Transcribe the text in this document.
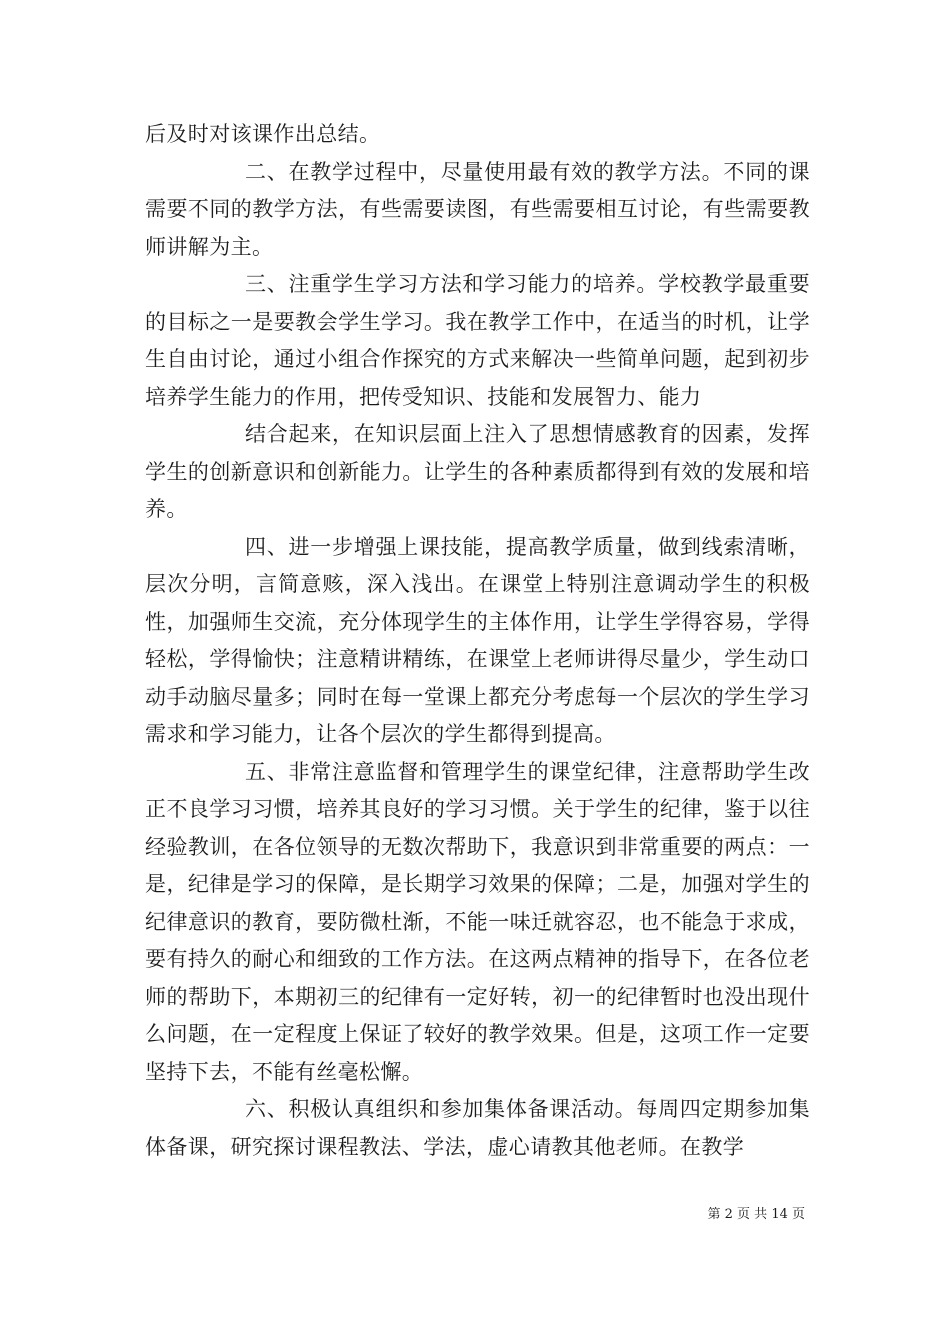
后及时对该课作出总结。

二、在教学过程中，尽量使用最有效的教学方法。不同的课需要不同的教学方法，有些需要读图，有些需要相互讨论，有些需要教师讲解为主。

三、注重学生学习方法和学习能力的培养。学校教学最重要的目标之一是要教会学生学习。我在教学工作中，在适当的时机，让学生自由讨论，通过小组合作探究的方式来解决一些简单问题，起到初步培养学生能力的作用，把传受知识、技能和发展智力、能力

结合起来，在知识层面上注入了思想情感教育的因素，发挥学生的创新意识和创新能力。让学生的各种素质都得到有效的发展和培养。

四、进一步增强上课技能，提高教学质量，做到线索清晰，层次分明，言简意赅，深入浅出。在课堂上特别注意调动学生的积极性，加强师生交流，充分体现学生的主体作用，让学生学得容易，学得轻松，学得愉快；注意精讲精练，在课堂上老师讲得尽量少，学生动口动手动脑尽量多；同时在每一堂课上都充分考虑每一个层次的学生学习需求和学习能力，让各个层次的学生都得到提高。

五、非常注意监督和管理学生的课堂纪律，注意帮助学生改正不良学习习惯，培养其良好的学习习惯。关于学生的纪律，鉴于以往经验教训，在各位领导的无数次帮助下，我意识到非常重要的两点：一是，纪律是学习的保障，是长期学习效果的保障；二是，加强对学生的纪律意识的教育，要防微杜渐，不能一味迁就容忍，也不能急于求成，要有持久的耐心和细致的工作方法。在这两点精神的指导下，在各位老师的帮助下，本期初三的纪律有一定好转，初一的纪律暂时也没出现什么问题，在一定程度上保证了较好的教学效果。但是，这项工作一定要坚持下去，不能有丝毫松懈。

六、积极认真组织和参加集体备课活动。每周四定期参加集体备课，研究探讨课程教法、学法，虚心请教其他老师。在教学

第 2 页 共 14 页
